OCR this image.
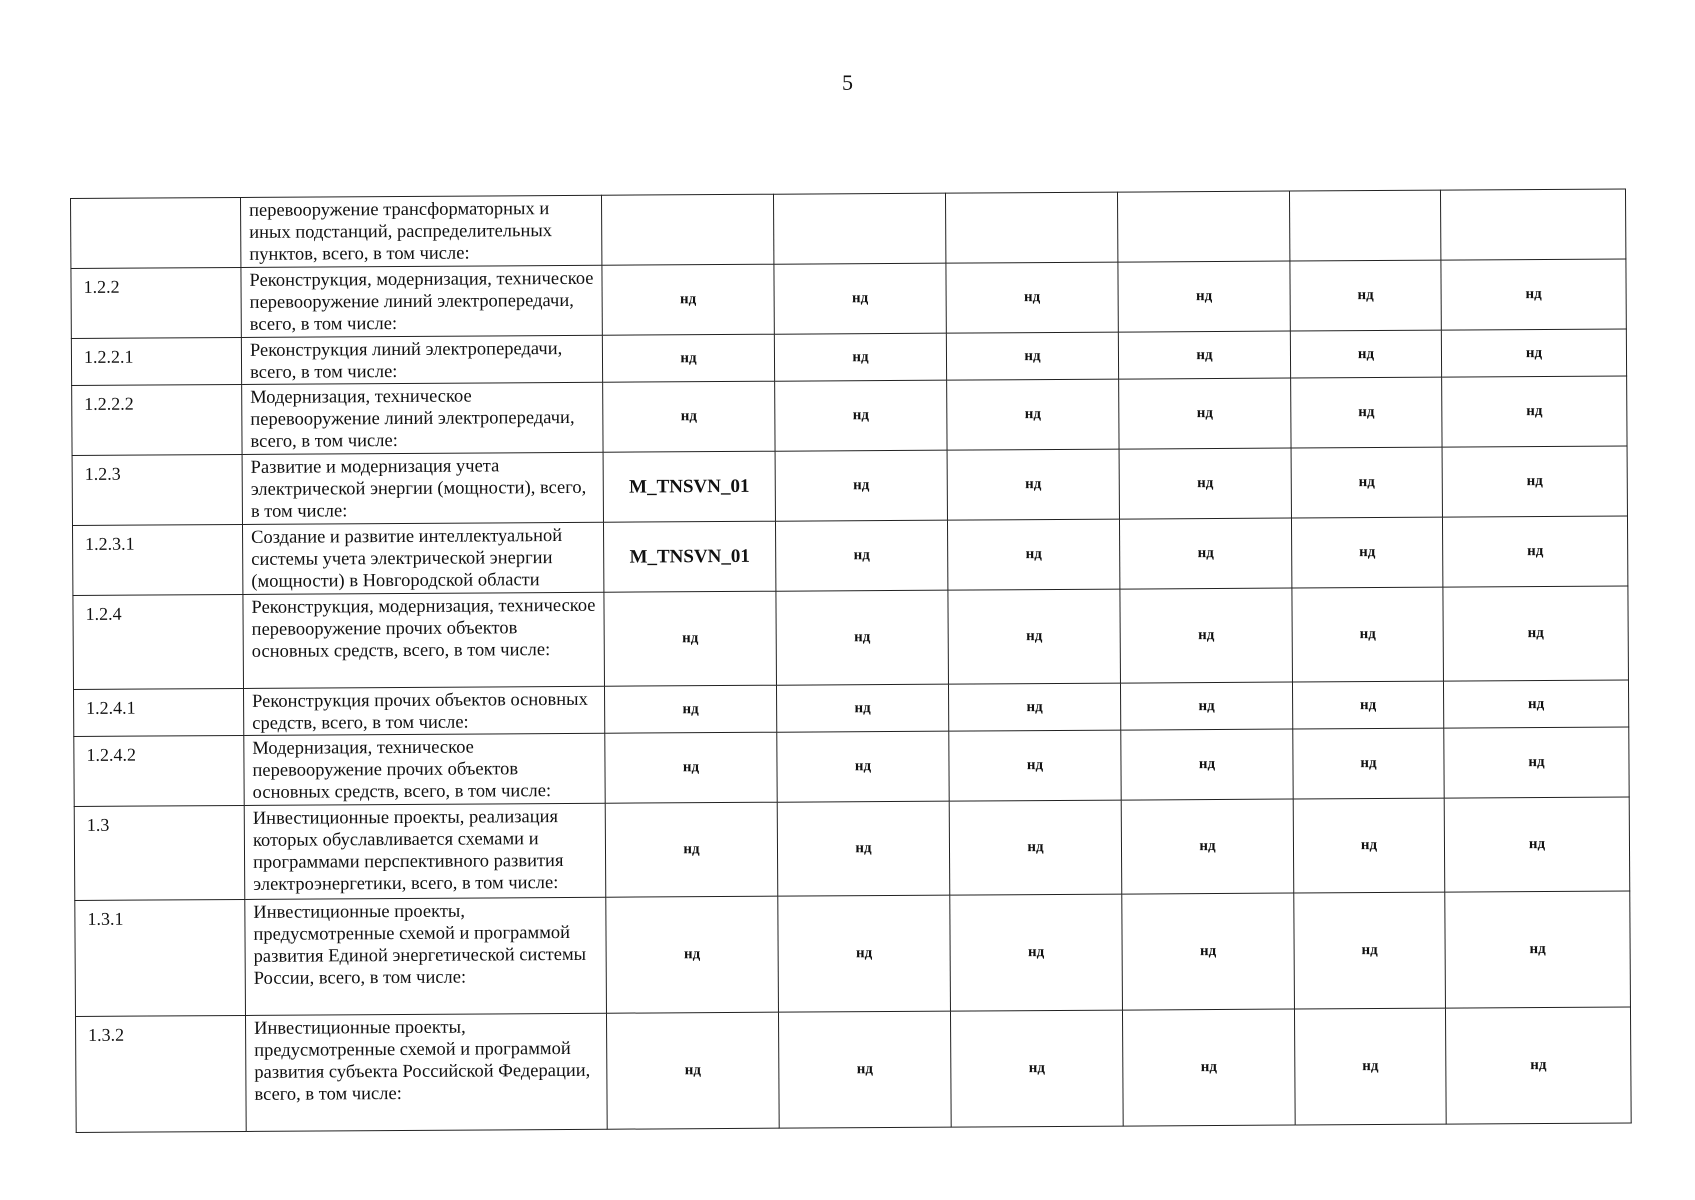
5
	перевооружение трансформаторных и иных подстанций, распределительных пунктов, всего, в том числе:						
1.2.2	Реконструкция, модернизация, техническое перевооружение линий электропередачи, всего, в том числе:	нд	нд	нд	нд	нд	нд
1.2.2.1	Реконструкция линий электропередачи, всего, в том числе:	нд	нд	нд	нд	нд	нд
1.2.2.2	Модернизация, техническое перевооружение линий электропередачи, всего, в том числе:	нд	нд	нд	нд	нд	нд
1.2.3	Развитие и модернизация учета электрической энергии (мощности), всего, в том числе:	M_TNSVN_01	нд	нд	нд	нд	нд
1.2.3.1	Создание и развитие интеллектуальной системы учета электрической энергии (мощности) в Новгородской области	M_TNSVN_01	нд	нд	нд	нд	нд
1.2.4	Реконструкция, модернизация, техническое перевооружение прочих объектов основных средств, всего, в том числе:	нд	нд	нд	нд	нд	нд
1.2.4.1	Реконструкция прочих объектов основных средств, всего, в том числе:	нд	нд	нд	нд	нд	нд
1.2.4.2	Модернизация, техническое перевооружение прочих объектов основных средств, всего, в том числе:	нд	нд	нд	нд	нд	нд
1.3	Инвестиционные проекты, реализация которых обуславливается схемами и программами перспективного развития электроэнергетики, всего, в том числе:	нд	нд	нд	нд	нд	нд
1.3.1	Инвестиционные проекты, предусмотренные схемой и программой развития Единой энергетической системы России, всего, в том числе:	нд	нд	нд	нд	нд	нд
1.3.2	Инвестиционные проекты, предусмотренные схемой и программой развития субъекта Российской Федерации, всего, в том числе:	нд	нд	нд	нд	нд	нд
